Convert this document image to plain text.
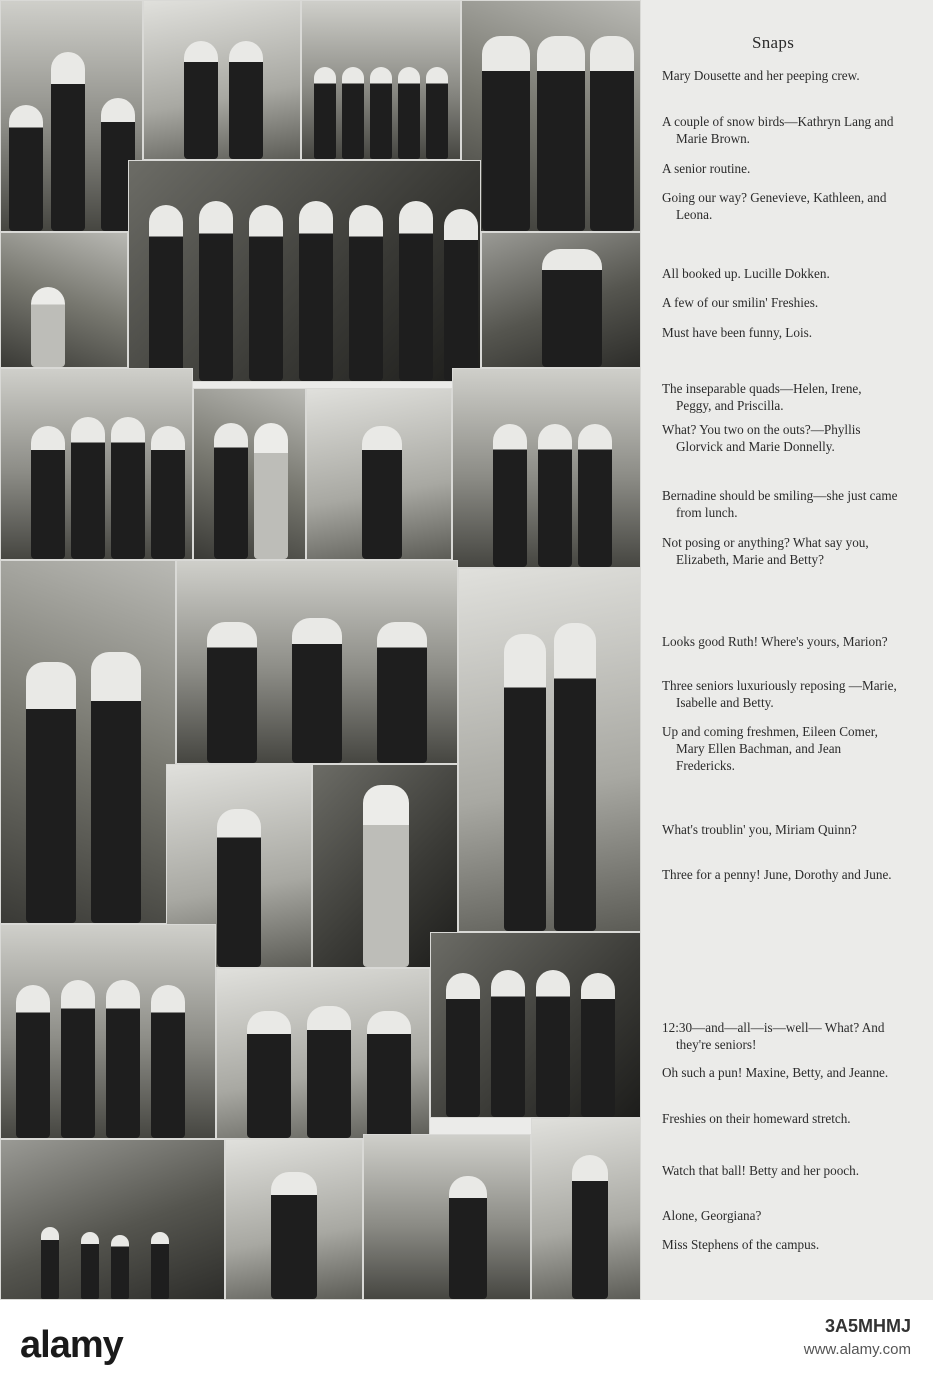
Snaps
Mary Dousette and her peeping crew.
A couple of snow birds—Kathryn Lang and Marie Brown.
A senior routine.
Going our way? Genevieve, Kathleen, and Leona.
All booked up. Lucille Dokken.
A few of our smilin' Freshies.
Must have been funny, Lois.
The inseparable quads—Helen, Irene, Peggy, and Priscilla.
What? You two on the outs?—Phyllis Glorvick and Marie Donnelly.
Bernadine should be smiling—she just came from lunch.
Not posing or anything? What say you, Elizabeth, Marie and Betty?
Looks good Ruth! Where's yours, Marion?
Three seniors luxuriously reposing —Marie, Isabelle and Betty.
Up and coming freshmen, Eileen Comer, Mary Ellen Bachman, and Jean Fredericks.
What's troublin' you, Miriam Quinn?
Three for a penny! June, Dorothy and June.
12:30—and—all—is—well— What? And they're seniors!
Oh such a pun! Maxine, Betty, and Jeanne.
Freshies on their homeward stretch.
Watch that ball! Betty and her pooch.
Alone, Georgiana?
Miss Stephens of the campus.
alamy	3A5MHMJ
www.alamy.com
